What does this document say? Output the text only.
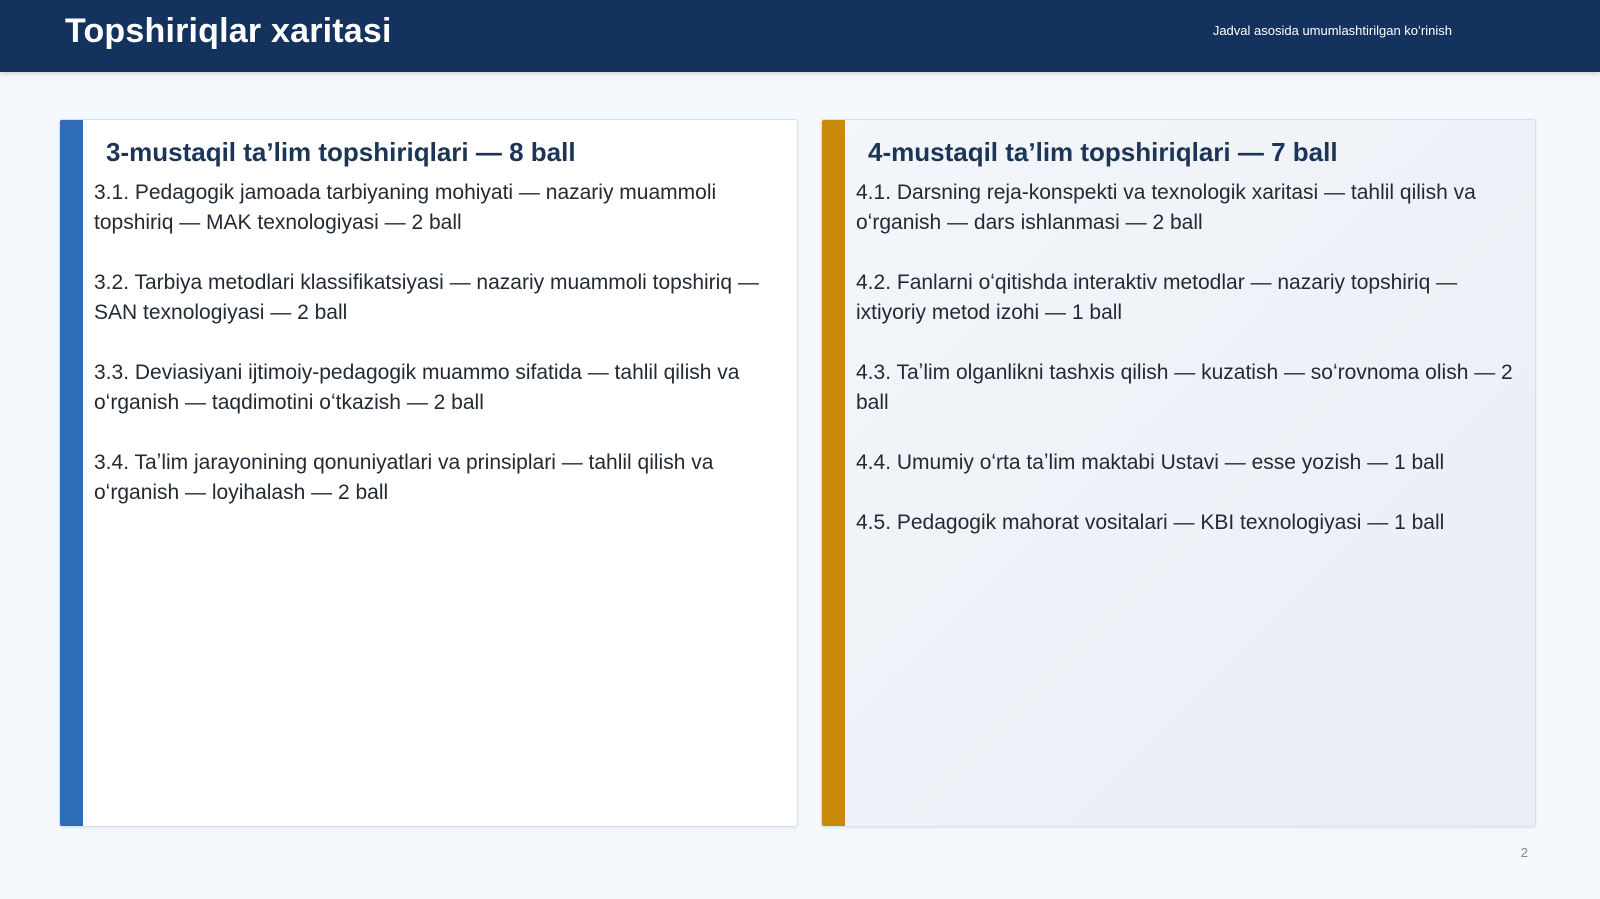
Topshiriqlar xaritasi	Jadval asosida umumlashtirilgan koʻrinish
3-mustaqil taʼlim topshiriqlari — 8 ball
3.1. Pedagogik jamoada tarbiyaning mohiyati — nazariy muammoli topshiriq — MAK texnologiyasi — 2 ball
3.2. Tarbiya metodlari klassifikatsiyasi — nazariy muammoli topshiriq — SAN texnologiyasi — 2 ball
3.3. Deviasiyani ijtimoiy-pedagogik muammo sifatida — tahlil qilish va oʻrganish — taqdimotini oʻtkazish — 2 ball
3.4. Taʼlim jarayonining qonuniyatlari va prinsiplari — tahlil qilish va oʻrganish — loyihalash — 2 ball
4-mustaqil taʼlim topshiriqlari — 7 ball
4.1. Darsning reja-konspekti va texnologik xaritasi — tahlil qilish va oʻrganish — dars ishlanmasi — 2 ball
4.2. Fanlarni oʻqitishda interaktiv metodlar — nazariy topshiriq — ixtiyoriy metod izohi — 1 ball
4.3. Taʼlim olganlikni tashxis qilish — kuzatish — soʻrovnoma olish — 2 ball
4.4. Umumiy oʻrta taʼlim maktabi Ustavi — esse yozish — 1 ball
4.5. Pedagogik mahorat vositalari — KBI texnologiyasi — 1 ball
2
